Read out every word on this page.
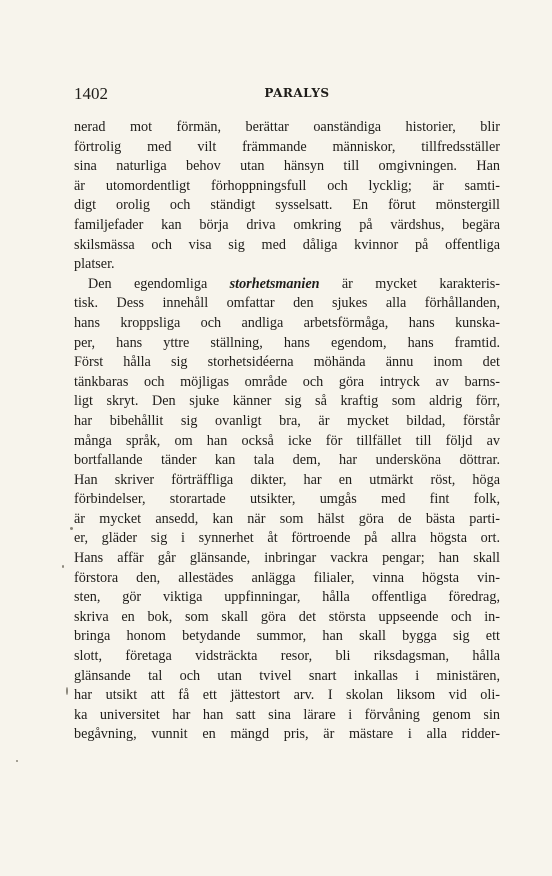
1402	PARALYS
nerad mot förmän, berättar oanständiga historier, blir
förtrolig med vilt främmande människor, tillfredsställer
sina naturliga behov utan hänsyn till omgivningen. Han
är utomordentligt förhoppningsfull och lycklig; är samti-
digt orolig och ständigt sysselsatt. En förut mönstergill
familjefader kan börja driva omkring på värdshus, begära
skilsmässa och visa sig med dåliga kvinnor på offentliga
platser.
Den egendomliga storhetsmanien är mycket karakteris-
tisk. Dess innehåll omfattar den sjukes alla förhållanden,
hans kroppsliga och andliga arbetsförmåga, hans kunska-
per, hans yttre ställning, hans egendom, hans framtid.
Först hålla sig storhetsidéerna möhända ännu inom det
tänkbaras och möjligas område och göra intryck av barns-
ligt skryt. Den sjuke känner sig så kraftig som aldrig förr,
har bibehållit sig ovanligt bra, är mycket bildad, förstår
många språk, om han också icke för tillfället till följd av
bortfallande tänder kan tala dem, har undersköna döttrar.
Han skriver förträffliga dikter, har en utmärkt röst, höga
förbindelser, storartade utsikter, umgås med fint folk,
är mycket ansedd, kan när som hälst göra de bästa parti-
er, gläder sig i synnerhet åt förtroende på allra högsta ort.
Hans affär går glänsande, inbringar vackra pengar; han skall
förstora den, allestädes anlägga filialer, vinna högsta vin-
sten, gör viktiga uppfinningar, hålla offentliga föredrag,
skriva en bok, som skall göra det största uppseende och in-
bringa honom betydande summor, han skall bygga sig ett
slott, företaga vidsträckta resor, bli riksdagsman, hålla
glänsande tal och utan tvivel snart inkallas i ministären,
har utsikt att få ett jättestort arv. I skolan liksom vid oli-
ka universitet har han satt sina lärare i förvåning genom sin
begåvning, vunnit en mängd pris, är mästare i alla ridder-
